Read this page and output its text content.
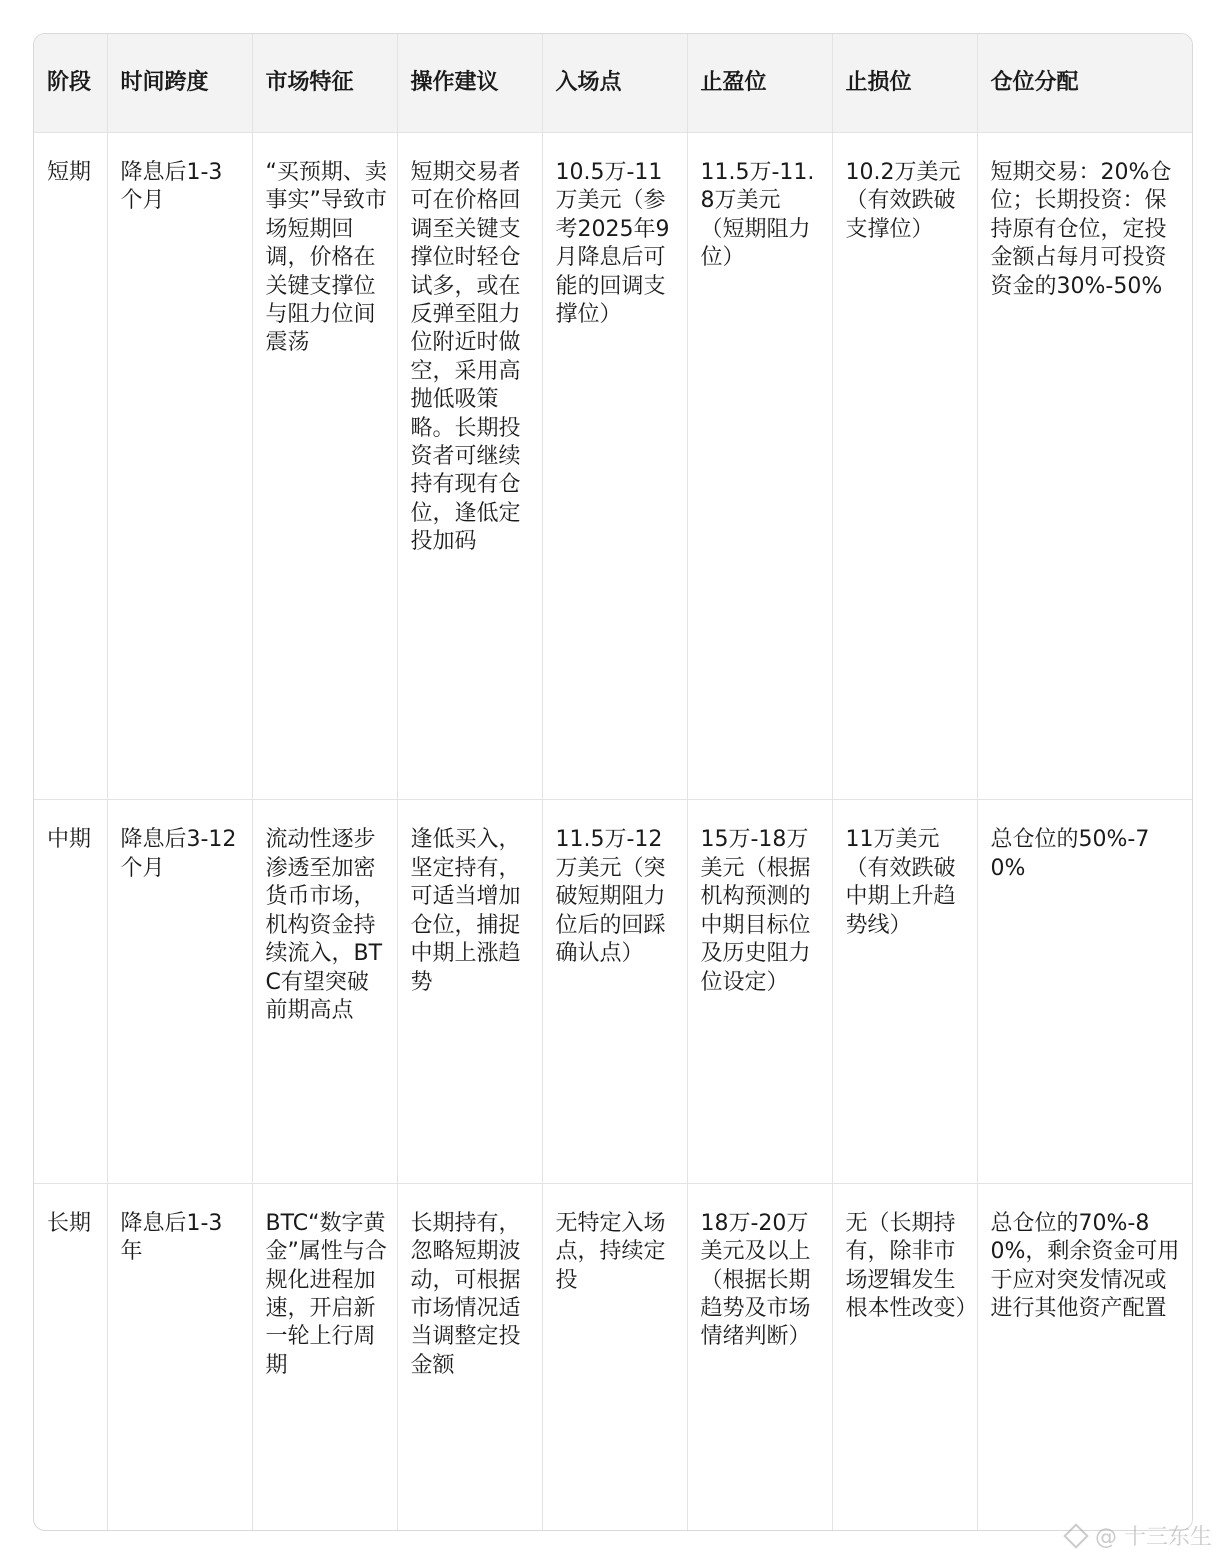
阶段	时间跨度	市场特征	操作建议	入场点	止盈位	止损位	仓位分配
短期	降息后1-3个月	“买预期、卖事实”导致市场短期回调，价格在关键支撑位与阻力位间震荡	短期交易者可在价格回调至关键支撑位时轻仓试多，或在反弹至阻力位附近时做空，采用高抛低吸策略。长期投资者可继续持有现有仓位，逢低定投加码	10.5万-11万美元（参考2025年9月降息后可能的回调支撑位）	11.5万-11.8万美元（短期阻力位）	10.2万美元（有效跌破支撑位）	短期交易：20%仓位；长期投资：保持原有仓位，定投金额占每月可投资资金的30%-50%
中期	降息后3-12个月	流动性逐步渗透至加密货币市场，机构资金持续流入，BTC有望突破前期高点	逢低买入，坚定持有，可适当增加仓位，捕捉中期上涨趋势	11.5万-12万美元（突破短期阻力位后的回踩确认点）	15万-18万美元（根据机构预测的中期目标位及历史阻力位设定）	11万美元（有效跌破中期上升趋势线）	总仓位的50%-70%
长期	降息后1-3年	BTC“数字黄金”属性与合规化进程加速，开启新一轮上行周期	长期持有，忽略短期波动，可根据市场情况适当调整定投金额	无特定入场点，持续定投	18万-20万美元及以上（根据长期趋势及市场情绪判断）	无（长期持有，除非市场逻辑发生根本性改变）	总仓位的70%-80%，剩余资金可用于应对突发情况或进行其他资产配置
@ 十三东生
